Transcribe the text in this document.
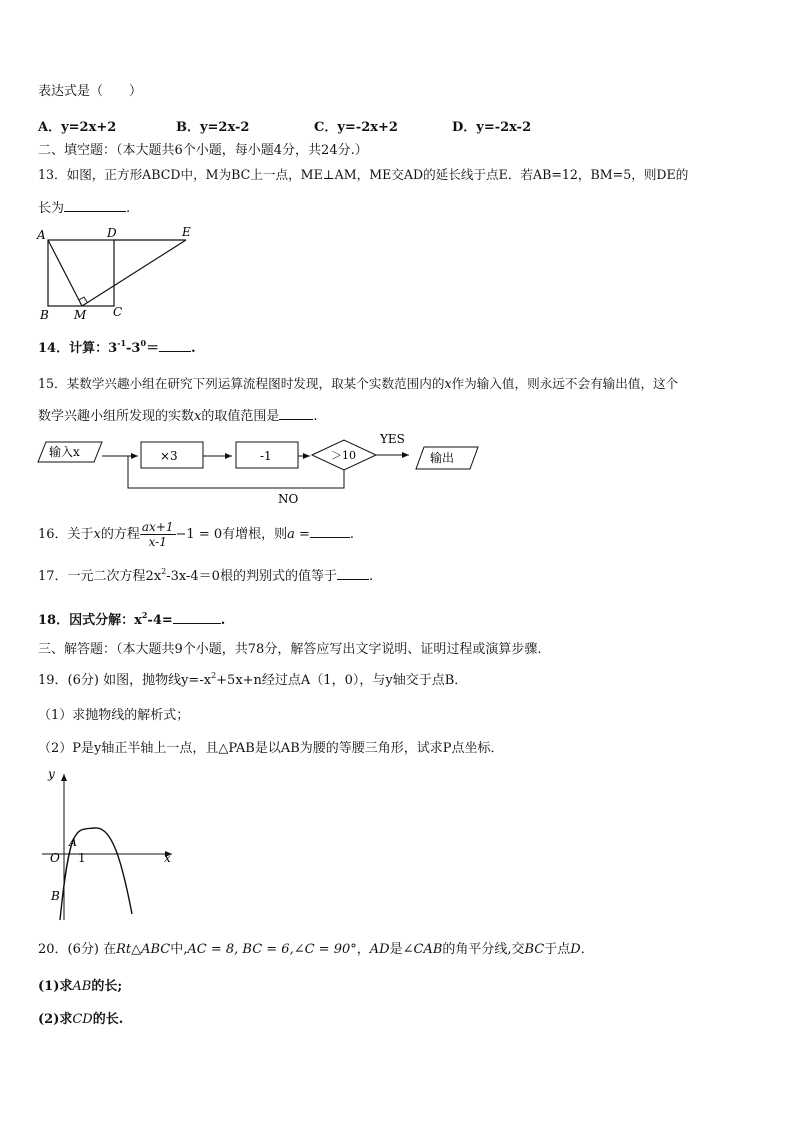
表达式是（　　）
A．y=2x+2	B．y=2x-2	C．y=-2x+2	D．y=-2x-2
二、填空题：（本大题共6个小题，每小题4分，共24分.）
13．如图，正方形ABCD中，M为BC上一点，ME⊥AM，ME交AD的延长线于点E．若AB=12，BM=5，则DE的
长为	.
A	D	E
B M C
14．计算：$3^{-1}-3^0=$ .
15．某数学兴趣小组在研究下列运算流程图时发现，取某个实数范围内的x作为输入值，则永远不会有输出值，这个
数学兴趣小组所发现的实数x的取值范围是	.
输入x	×3	-1	＞10
YES
输出
NO
16．关于x的方程 $\frac{ax+1}{x-1} -1 = 0$有增根，则a =	.
17．一元二次方程$2x^2-3x-4=0$根的判别式的值等于 .
18．因式分解：$x^2-4=$	.
三、解答题：（本大题共9个小题，共78分，解答应写出文字说明、证明过程或演算步骤.
19．(6分) 如图，抛物线$y=-x^2+5x+n$经过点A（1，0），与y轴交于点B．
（1）求抛物线的解析式；
（2）P是y轴正半轴上一点，且△PAB是以AB为腰的等腰三角形，试求P点坐标．
y
x
O
A
1
B
20．(6分) 在Rt△ABC中,AC = 8, BC = 6,∠C = 90°，AD是∠CAB的角平分线,交BC于点D．
(1)求AB的长;
(2)求CD的长.
